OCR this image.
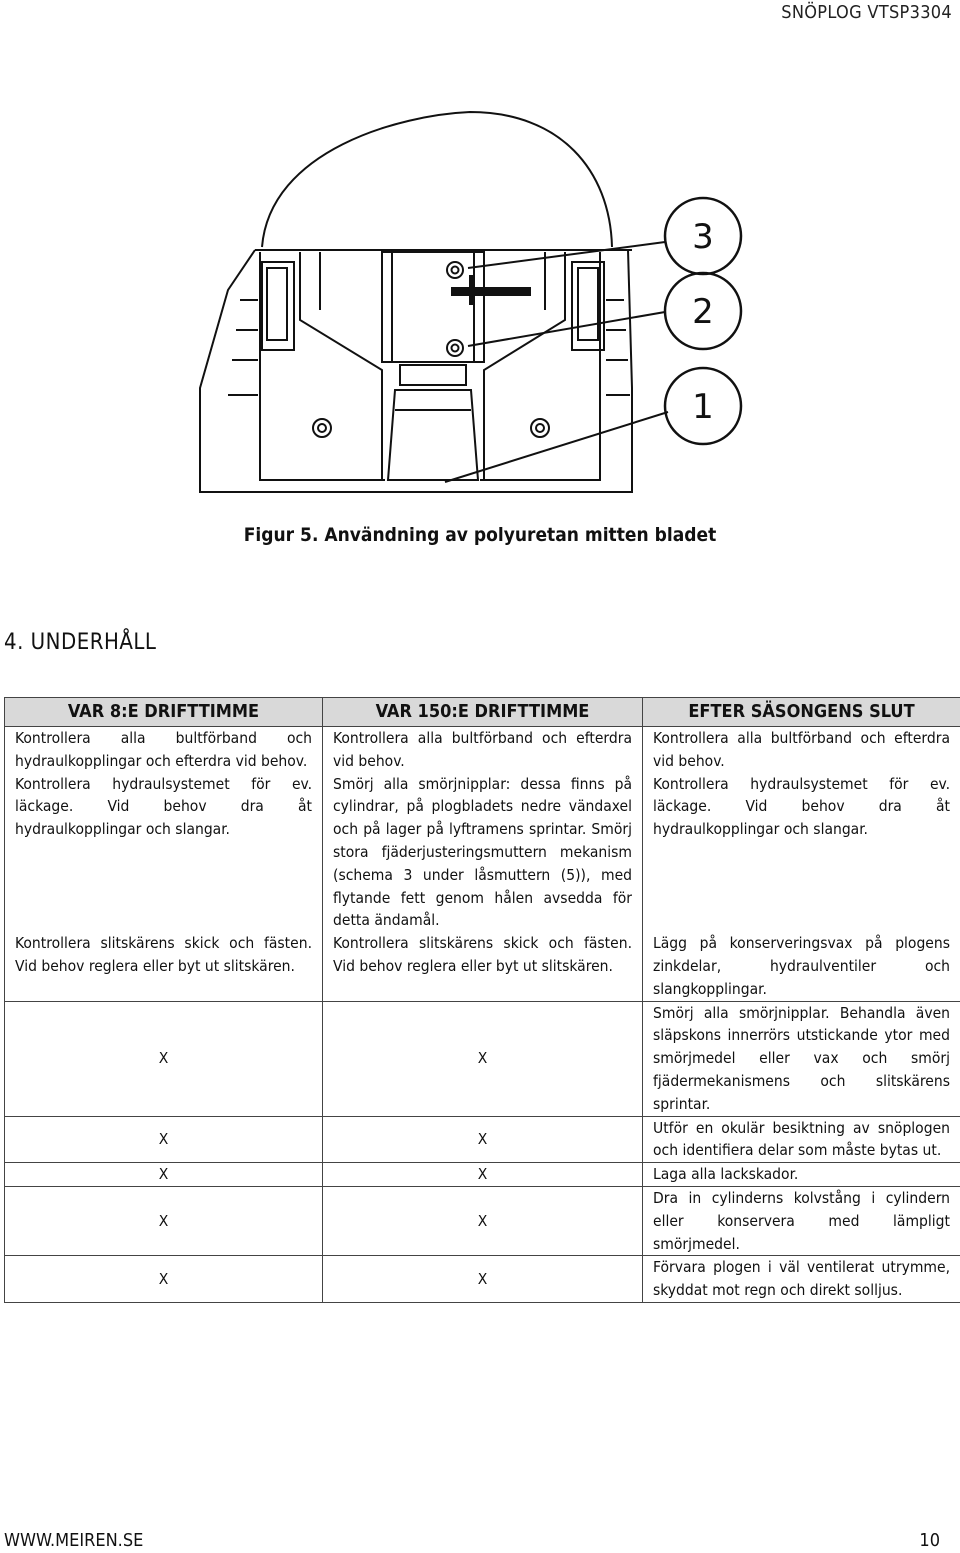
SNÖPLOG VTSP3304
3
2
1
Figur 5. Användning av polyuretan mitten bladet
4. UNDERHÅLL
VAR 8:E DRIFTTIMME	VAR 150:E DRIFTTIMME	EFTER SÄSONGENS SLUT
Kontrollera alla bultförband och hydraulkopplingar och efterdra vid behov.	Kontrollera alla bultförband och efterdra vid behov.	Kontrollera alla bultförband och efterdra vid behov.
Kontrollera hydraulsystemet för ev. läckage. Vid behov dra åt hydraulkopplingar och slangar.	Smörj alla smörjnipplar: dessa finns på cylindrar, på plogbladets nedre vändaxel och på lager på lyftramens sprintar. Smörj stora fjäderjusteringsmuttern mekanism (schema 3 under låsmuttern (5)), med flytande fett genom hålen avsedda för detta ändamål.	Kontrollera hydraulsystemet för ev. läckage. Vid behov dra åt hydraulkopplingar och slangar.
Kontrollera slitskärens skick och fästen. Vid behov reglera eller byt ut slitskären.	Kontrollera slitskärens skick och fästen. Vid behov reglera eller byt ut slitskären.	Lägg på konserveringsvax på plogens zinkdelar, hydraulventiler och slangkopplingar.
X	X	Smörj alla smörjnipplar. Behandla även släpskons innerrörs utstickande ytor med smörjmedel eller vax och smörj fjädermekanismens och slitskärens sprintar.
X	X	Utför en okulär besiktning av snöplogen och identifiera delar som måste bytas ut.
X	X	Laga alla lackskador.
X	X	Dra in cylinderns kolvstång i cylindern eller konservera med lämpligt smörjmedel.
X	X	Förvara plogen i väl ventilerat utrymme, skyddat mot regn och direkt solljus.
WWW.MEIREN.SE	10
